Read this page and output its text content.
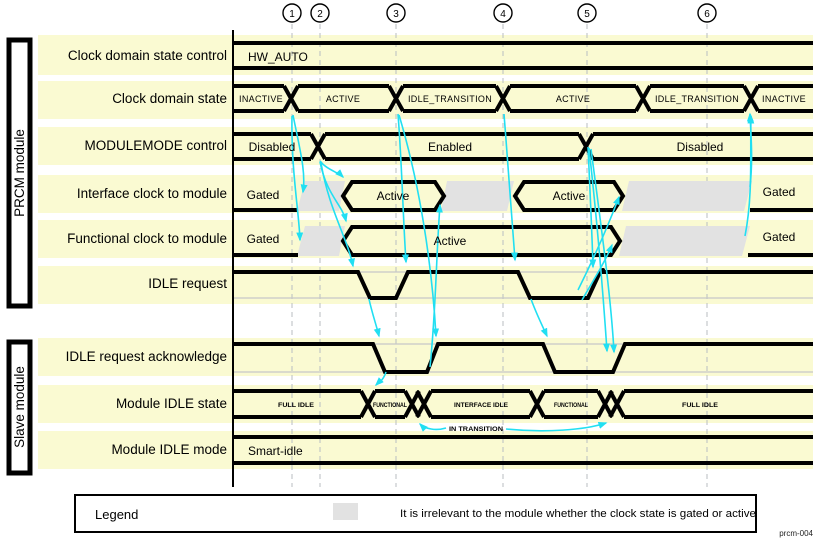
1 2	3	4	5	6
PRCM module
Slave module
Clock domain state control
Clock domain state
MODULEMODE control
Interface clock to module
Functional clock to module
IDLE request
IDLE request acknowledge
Module IDLE state
Module IDLE mode
HW_AUTO
INACTIVE	ACTIVE	IDLE_TRANSITION	ACTIVE	IDLE_TRANSITION	INACTIVE
Disabled	Enabled	Disabled
Gated	Active	Active	Gated
Gated	Active	Gated
FULL IDLE	FUNCTIONAL	INTERFACE IDLE	FUNCTIONAL	FULL IDLE
Smart-idle
IN TRANSITION
Legend	It is irrelevant to the module whether the clock state is gated or active
prcm-004
